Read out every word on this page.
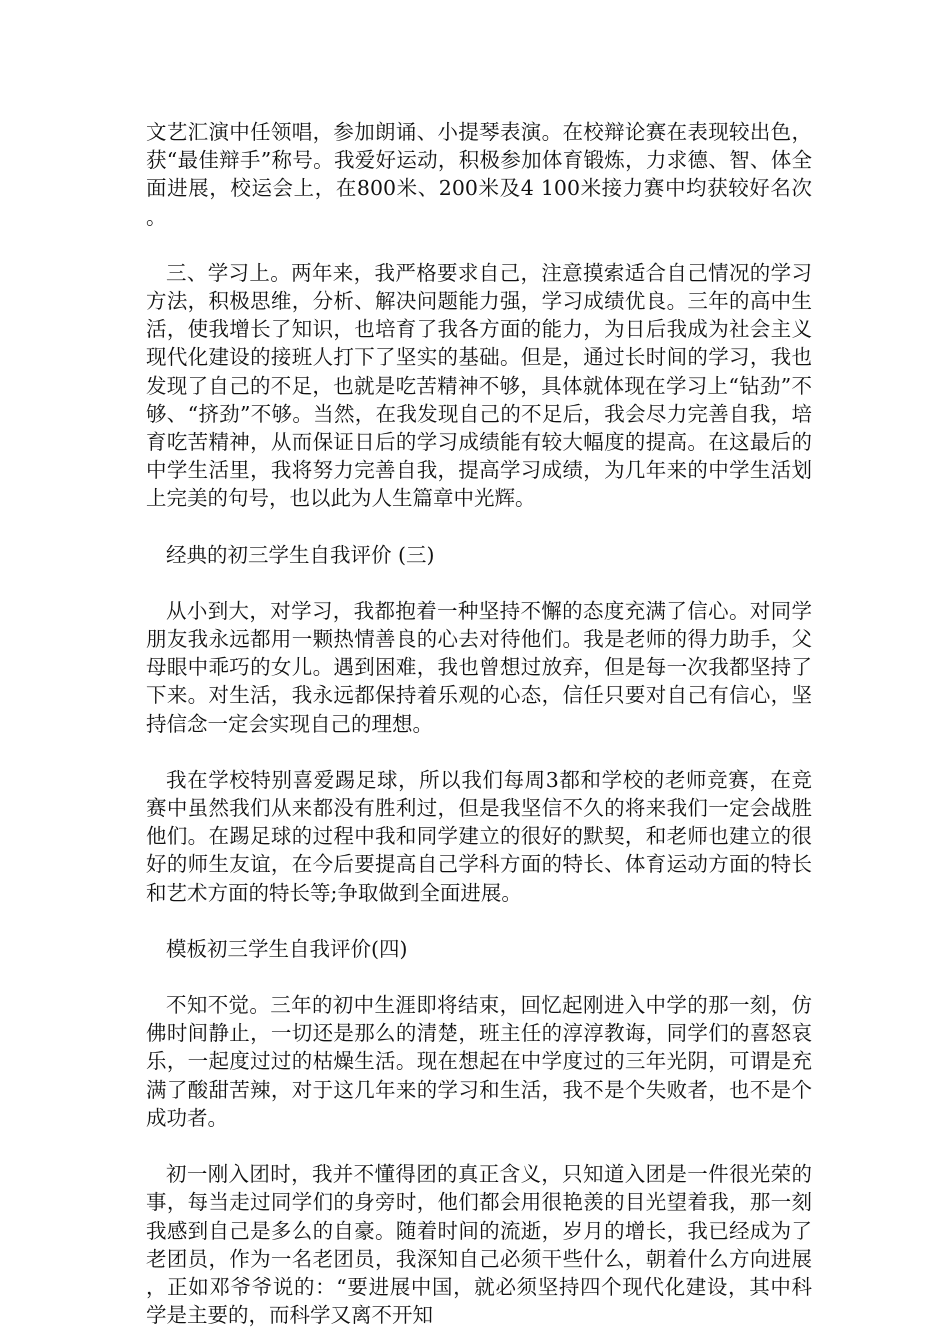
文艺汇演中任领唱，参加朗诵、小提琴表演。在校辩论赛在表现较出色，获“最佳辩手”称号。我爱好运动，积极参加体育锻炼，力求德、智、体全面进展，校运会上，在800米、200米及4 100米接力赛中均获较好名次。

三、学习上。两年来，我严格要求自己，注意摸索适合自己情况的学习方法，积极思维，分析、解决问题能力强，学习成绩优良。三年的高中生活，使我增长了知识，也培育了我各方面的能力，为日后我成为社会主义现代化建设的接班人打下了坚实的基础。但是，通过长时间的学习，我也发现了自己的不足，也就是吃苦精神不够，具体就体现在学习上“钻劲”不够、“挤劲”不够。当然，在我发现自己的不足后，我会尽力完善自我，培育吃苦精神，从而保证日后的学习成绩能有较大幅度的提高。在这最后的中学生活里，我将努力完善自我，提高学习成绩，为几年来的中学生活划上完美的句号，也以此为人生篇章中光辉。

经典的初三学生自我评价 (三)

从小到大，对学习，我都抱着一种坚持不懈的态度充满了信心。对同学朋友我永远都用一颗热情善良的心去对待他们。我是老师的得力助手，父母眼中乖巧的女儿。遇到困难，我也曾想过放弃，但是每一次我都坚持了下来。对生活，我永远都保持着乐观的心态，信任只要对自己有信心，坚持信念一定会实现自己的理想。

我在学校特别喜爱踢足球，所以我们每周3都和学校的老师竞赛，在竞赛中虽然我们从来都没有胜利过，但是我坚信不久的将来我们一定会战胜他们。在踢足球的过程中我和同学建立的很好的默契，和老师也建立的很好的师生友谊，在今后要提高自己学科方面的特长、体育运动方面的特长和艺术方面的特长等;争取做到全面进展。

模板初三学生自我评价(四)

不知不觉。三年的初中生涯即将结束，回忆起刚进入中学的那一刻，仿佛时间静止，一切还是那么的清楚，班主任的淳淳教诲，同学们的喜怒哀乐，一起度过过的枯燥生活。现在想起在中学度过的三年光阴，可谓是充满了酸甜苦辣，对于这几年来的学习和生活，我不是个失败者，也不是个成功者。

初一刚入团时，我并不懂得团的真正含义，只知道入团是一件很光荣的事，每当走过同学们的身旁时，他们都会用很艳羡的目光望着我，那一刻我感到自己是多么的自豪。随着时间的流逝，岁月的增长，我已经成为了老团员，作为一名老团员，我深知自己必须干些什么，朝着什么方向进展，正如邓爷爷说的：“要进展中国，就必须坚持四个现代化建设，其中科学是主要的，而科学又离不开知
